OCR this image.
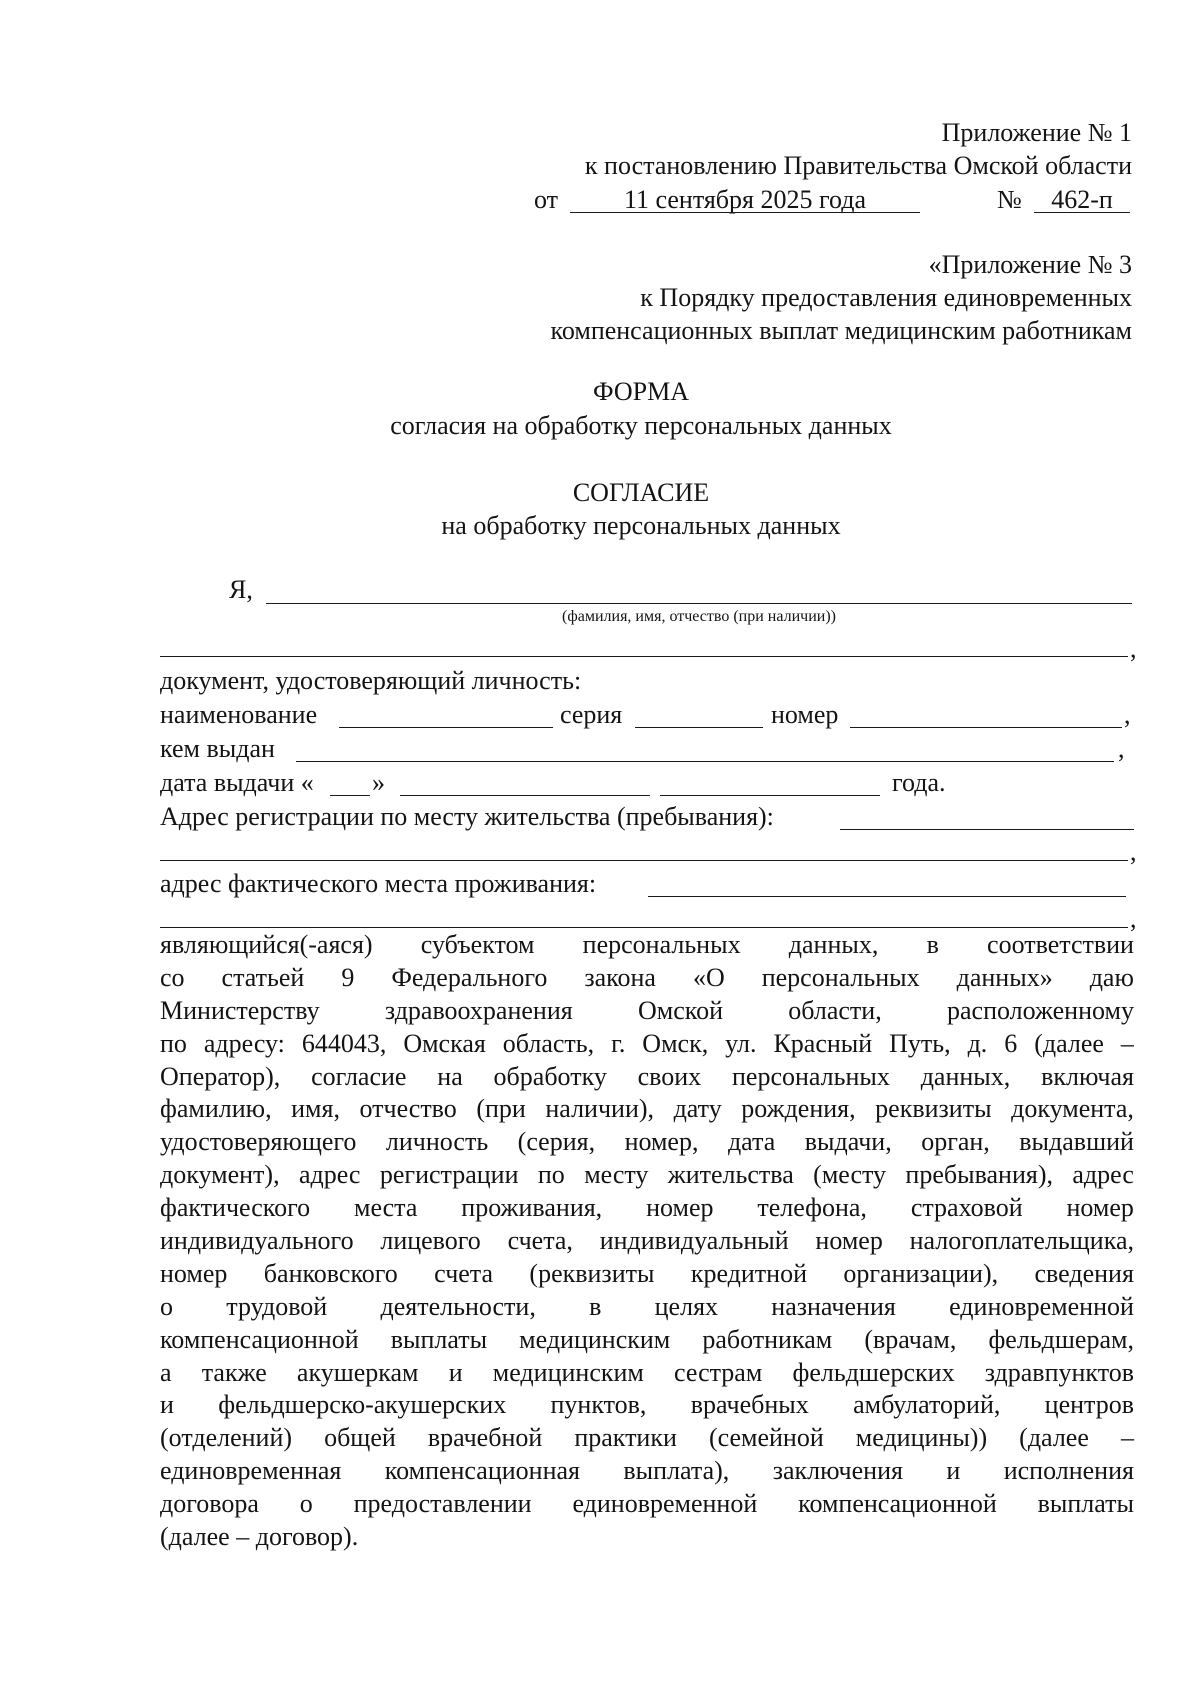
Приложение № 1
к постановлению Правительства Омской области
от	11 сентября 2025 года	№	462-п
«Приложение № 3
к Порядку предоставления единовременных
компенсационных выплат медицинским работникам
ФОРМА
согласия на обработку персональных данных
СОГЛАСИЕ
на обработку персональных данных
Я,
(фамилия, имя, отчество (при наличии))
,
документ, удостоверяющий личность:
наименование	серия	номер	,
кем выдан	,
дата выдачи « »	года.
Адрес регистрации по месту жительства (пребывания):
,
адрес фактического места проживания:
,
являющийся(-аяся) субъектом персональных данных, в соответствии
со статьей 9 Федерального закона «О персональных данных» даю
Министерству	здравоохранения	Омской	области,	расположенному
по адресу: 644043, Омская область, г. Омск, ул. Красный Путь, д. 6 (далее –
Оператор), согласие на обработку своих персональных данных, включая
фамилию, имя, отчество (при наличии), дату рождения, реквизиты документа,
удостоверяющего личность (серия, номер, дата выдачи, орган, выдавший
документ), адрес регистрации по месту жительства (месту пребывания), адрес
фактического места проживания, номер телефона, страховой номер
индивидуального лицевого счета, индивидуальный номер налогоплательщика,
номер банковского счета (реквизиты кредитной организации), сведения
о трудовой деятельности, в целях назначения единовременной
компенсационной выплаты медицинским работникам (врачам, фельдшерам,
а также акушеркам и медицинским сестрам фельдшерских здравпунктов
и фельдшерско-акушерских пунктов, врачебных амбулаторий, центров
(отделений) общей врачебной практики (семейной медицины)) (далее –
единовременная компенсационная выплата), заключения и исполнения
договора о предоставлении единовременной компенсационной выплаты
(далее – договор).
